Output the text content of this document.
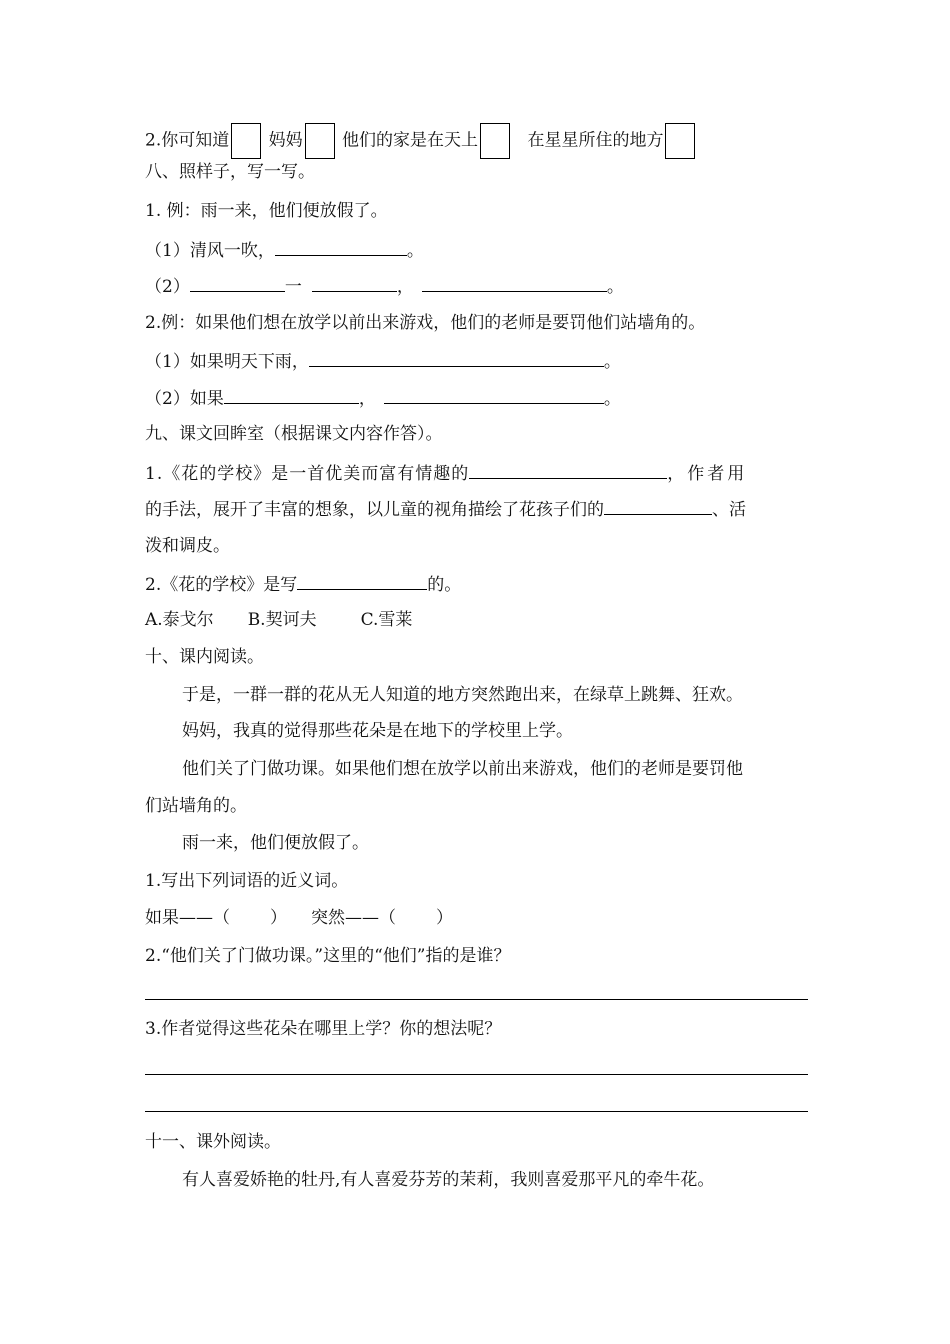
2.你可知道 妈妈 他们的家是在天上	在星星所住的地方
八、照样子，写一写。
1. 例：雨一来，他们便放假了。
（1）清风一吹，	。
（2）	一	，	。
2.例：如果他们想在放学以前出来游戏，他们的老师是要罚他们站墙角的。
（1）如果明天下雨，	。
（2）如果	，	。
九、课文回眸室（根据课文内容作答）。
1.《花的学校》是一首优美而富有情趣的	，作者用
的手法，展开了丰富的想象，以儿童的视角描绘了花孩子们的	、活
泼和调皮。
2.《花的学校》是写	的。
A.泰戈尔 B.契诃夫	C.雪莱
十、课内阅读。
于是，一群一群的花从无人知道的地方突然跑出来，在绿草上跳舞、狂欢。
妈妈，我真的觉得那些花朵是在地下的学校里上学。
他们关了门做功课。如果他们想在放学以前出来游戏，他们的老师是要罚他
们站墙角的。
雨一来，他们便放假了。
1.写出下列词语的近义词。
如果——（ ） 突然——（ ）
2.“他们关了门做功课。”这里的“他们”指的是谁？
3.作者觉得这些花朵在哪里上学？你的想法呢？
十一、课外阅读。
有人喜爱娇艳的牡丹,有人喜爱芬芳的茉莉，我则喜爱那平凡的牵牛花。
